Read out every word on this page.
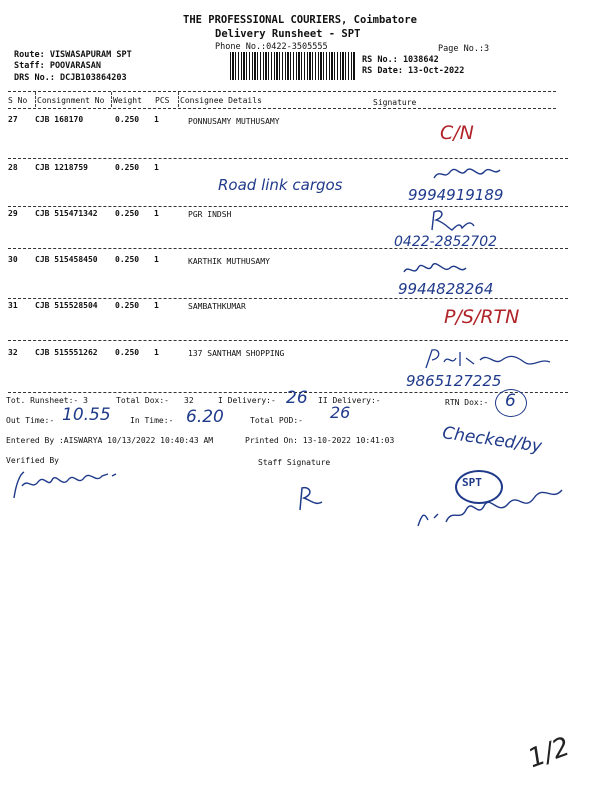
THE PROFESSIONAL COURIERS, Coimbatore
Delivery Runsheet - SPT
Phone No.:0422-3505555	Page No.:3
Route: VISWASAPURAM SPT
Staff: POOVARASAN
DRS No.: DCJB103864203
RS No.: 1038642
RS Date: 13-Oct-2022
S No Consignment No Weight PCS Consignee Details	Signature
27 CJB 168170	0.250 1	PONNUSAMY MUTHUSAMY
C/N
28 CJB 1218759	0.250 1
Road link cargos
9994919189
29 CJB 515471342 0.250 1	PGR INDSH
0422-2852702
30 CJB 515458450 0.250 1	KARTHIK MUTHUSAMY
9944828264
31 CJB 515528504 0.250 1	SAMBATHKUMAR	P/S/RTN
32 CJB 515551262 0.250 1	137 SANTHAM SHOPPING
9865127225
Tot. Runsheet:- 3	Total Dox:- 32	I Delivery:- 26 II Delivery:-	RTN Dox:- 6
Out Time:- 10.55 In Time:- 6.20	Total POD:- 26
Entered By :AISWARYA 10/13/2022 10:40:43 AM	Printed On: 13-10-2022 10:41:03
Verified By	Staff Signature
Checked/by
SPT
1/2
